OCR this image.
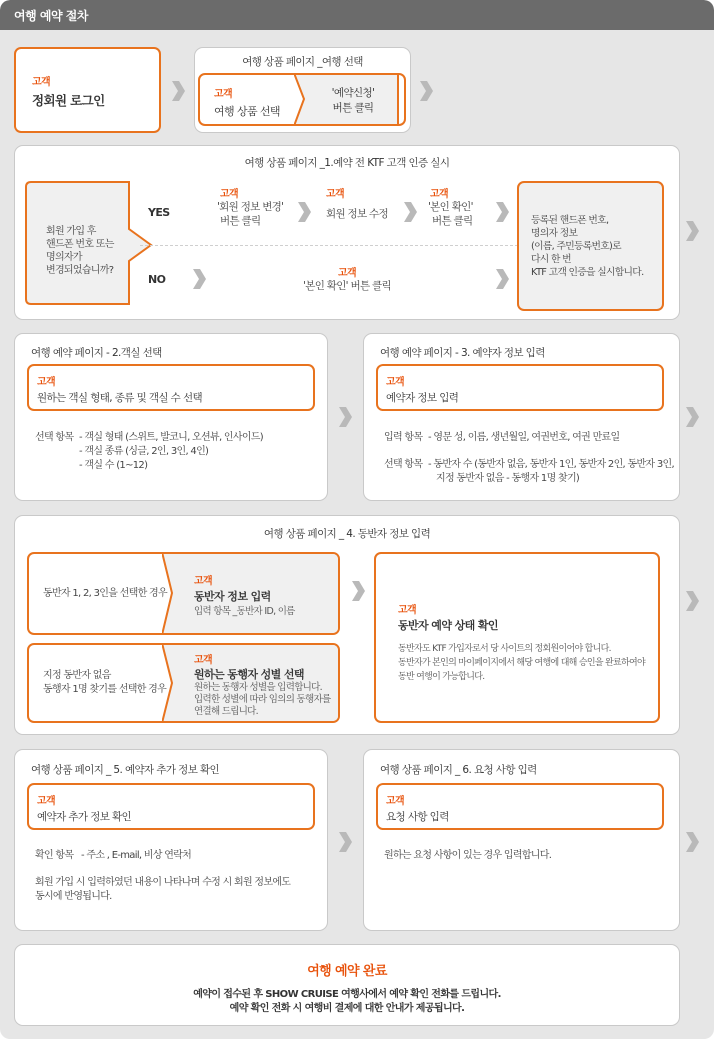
여행 예약 절차
고객
정회원 로그인
여행 상품 페이지 _여행 선택
고객
여행 상품 선택
'예약신청'
버튼 클릭
여행 상품 페이지 _1.예약 전 KTF 고객 인증 실시
회원 가입 후
핸드폰 번호 또는
명의자가
변경되었습니까?
YES
NO
고객
'회원 정보 변경'
버튼 클릭
고객
회원 정보 수정
고객
'본인 확인'
버튼 클릭
고객
'본인 확인' 버튼 클릭
등록된 핸드폰 번호,
명의자 정보
(이름, 주민등록번호)로
다시 한 번
KTF 고객 인증을 실시합니다.
여행 예약 페이지 - 2.객실 선택
고객
원하는 객실 형태, 종류 및 객실 수 선택
선택 항목 - 객실 형태 (스위트, 발코니, 오션뷰, 인사이드)
- 객실 종류 (싱글, 2인, 3인, 4인)
- 객실 수 (1~12)
여행 예약 페이지 - 3. 예약자 정보 입력
고객
예약자 정보 입력
입력 항목 - 영문 성, 이름, 생년월일, 여권번호, 여권 만료일
선택 항목 - 동반자 수 (동반자 없음, 동반자 1인, 동반자 2인, 동반자 3인,
지정 동반자 없음 - 동행자 1명 찾기)
여행 상품 페이지 _ 4. 동반자 정보 입력
동반자 1, 2, 3인을 선택한 경우
고객
동반자 정보 입력
입력 항목 _동반자 ID, 이름
지정 동반자 없음
동행자 1명 찾기를 선택한 경우
고객
원하는 동행자 성별 선택
원하는 동행자 성별을 입력합니다.
입력한 성별에 따라 임의의 동행자를
연결해 드립니다.
고객
동반자 예약 상태 확인
동반자도 KTF 가입자로서 당 사이트의 정회원이어야 합니다.
동반자가 본인의 마이페이지에서 해당 여행에 대해 승인을 완료하여야
동반 여행이 가능합니다.
여행 상품 페이지 _ 5. 예약자 추가 정보 확인
고객
예약자 추가 정보 확인
확인 항목 - 주소 , E-mail, 비상 연락처
회원 가입 시 입력하였던 내용이 나타나며 수정 시 회원 정보에도
동시에 반영됩니다.
여행 상품 페이지 _ 6. 요청 사항 입력
고객
요청 사항 입력
원하는 요청 사항이 있는 경우 입력합니다.
여행 예약 완료
예약이 접수된 후 SHOW CRUISE 여행사에서 예약 확인 전화를 드립니다.
예약 확인 전화 시 여행비 결제에 대한 안내가 제공됩니다.
